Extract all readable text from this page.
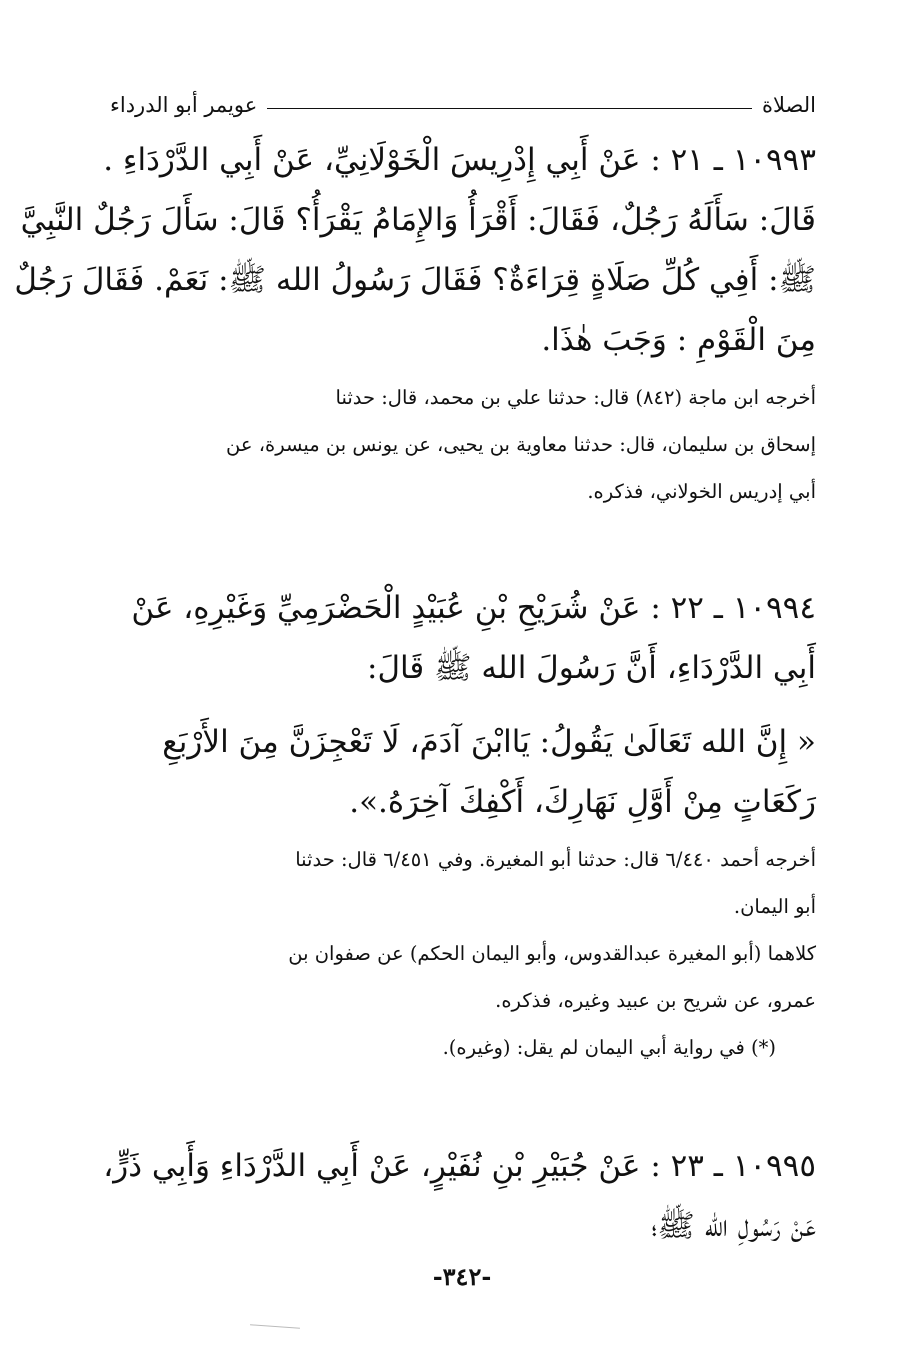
الصلاة
عويمر أبو الدرداء
١٠٩٩٣ ـ ٢١ : عَنْ أَبِي إِدْرِيسَ الْخَوْلَانِيِّ، عَنْ أَبِي الدَّرْدَاءِ .
قَالَ: سَأَلَهُ رَجُلٌ، فَقَالَ: أَقْرَأُ وَالإِمَامُ يَقْرَأُ؟ قَالَ: سَأَلَ رَجُلٌ النَّبِيَّ
ﷺ: أَفِي كُلِّ صَلَاةٍ قِرَاءَةٌ؟ فَقَالَ رَسُولُ الله ﷺ: نَعَمْ. فَقَالَ رَجُلٌ
مِنَ الْقَوْمِ : وَجَبَ هٰذَا.
أخرجه ابن ماجة (٨٤٢) قال: حدثنا علي بن محمد، قال: حدثنا
إسحاق بن سليمان، قال: حدثنا معاوية بن يحيى، عن يونس بن ميسرة، عن
أبي إدريس الخولاني، فذكره.
١٠٩٩٤ ـ ٢٢ : عَنْ شُرَيْحِ بْنِ عُبَيْدٍ الْحَضْرَمِيِّ وَغَيْرِهِ، عَنْ
أَبِي الدَّرْدَاءِ، أَنَّ رَسُولَ الله ﷺ قَالَ:
« إِنَّ الله تَعَالَىٰ يَقُولُ: يَاابْنَ آدَمَ، لَا تَعْجِزَنَّ مِنَ الأَرْبَعِ
رَكَعَاتٍ مِنْ أَوَّلِ نَهَارِكَ، أَكْفِكَ آخِرَهُ.».
أخرجه أحمد ٦/٤٤٠ قال: حدثنا أبو المغيرة. وفي ٦/٤٥١ قال: حدثنا
أبو اليمان.
كلاهما (أبو المغيرة عبدالقدوس، وأبو اليمان الحكم) عن صفوان بن
عمرو، عن شريح بن عبيد وغيره، فذكره.
(*) في رواية أبي اليمان لم يقل: (وغيره).
١٠٩٩٥ ـ ٢٣ : عَنْ جُبَيْرِ بْنِ نُفَيْرٍ، عَنْ أَبِي الدَّرْدَاءِ وَأَبِي ذَرٍّ،
عَنْ رَسُولِ الله ﷺ؛
-٣٤٢-
